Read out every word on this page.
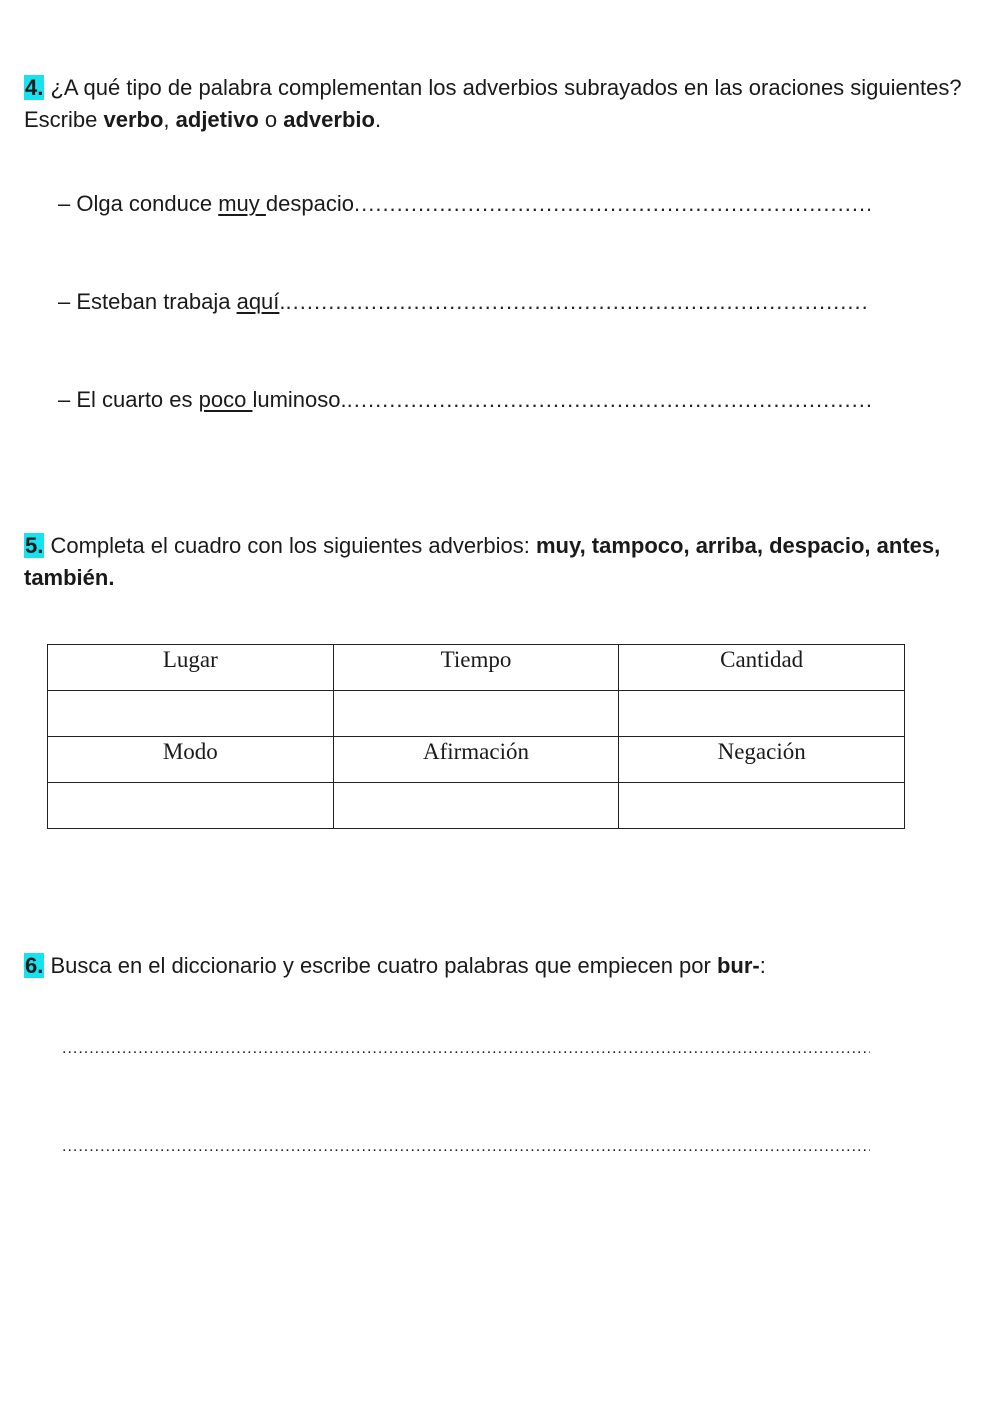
4. ¿A qué tipo de palabra complementan los adverbios subrayados en las oraciones siguientes? Escribe verbo, adjetivo o adverbio.
– Olga conduce muy despacio
.....
– Esteban trabaja aquí .
.....
– El cuarto es poco luminoso.
.....
5. Completa el cuadro con los siguientes adverbios: muy, tampoco, arriba, despacio, antes, también.
Lugar	Tiempo	Cantidad

Modo	Afirmación	Negación

6. Busca en el diccionario y escribe cuatro palabras que empiecen por bur-:
.....
.....
